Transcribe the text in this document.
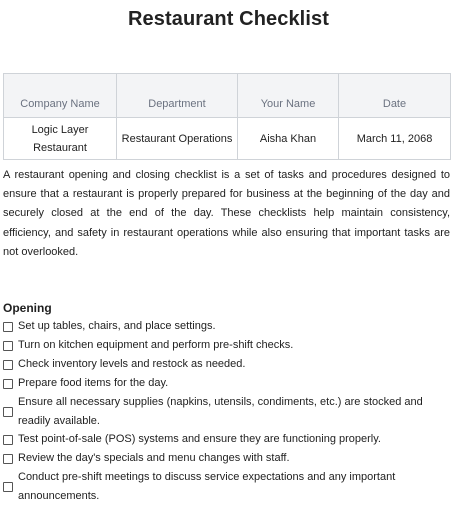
Restaurant Checklist
Company Name	Department	Your Name	Date
Logic Layer Restaurant	Restaurant Operations	Aisha Khan	March 11, 2068

A restaurant opening and closing checklist is a set of tasks and procedures designed to ensure that a restaurant is properly prepared for business at the beginning of the day and securely closed at the end of the day. These checklists help maintain consistency, efficiency, and safety in restaurant operations while also ensuring that important tasks are not overlooked.

Opening
Set up tables, chairs, and place settings.
Turn on kitchen equipment and perform pre-shift checks.
Check inventory levels and restock as needed.
Prepare food items for the day.
Ensure all necessary supplies (napkins, utensils, condiments, etc.) are stocked and readily available.
Test point-of-sale (POS) systems and ensure they are functioning properly.
Review the day's specials and menu changes with staff.
Conduct pre-shift meetings to discuss service expectations and any important announcements.
